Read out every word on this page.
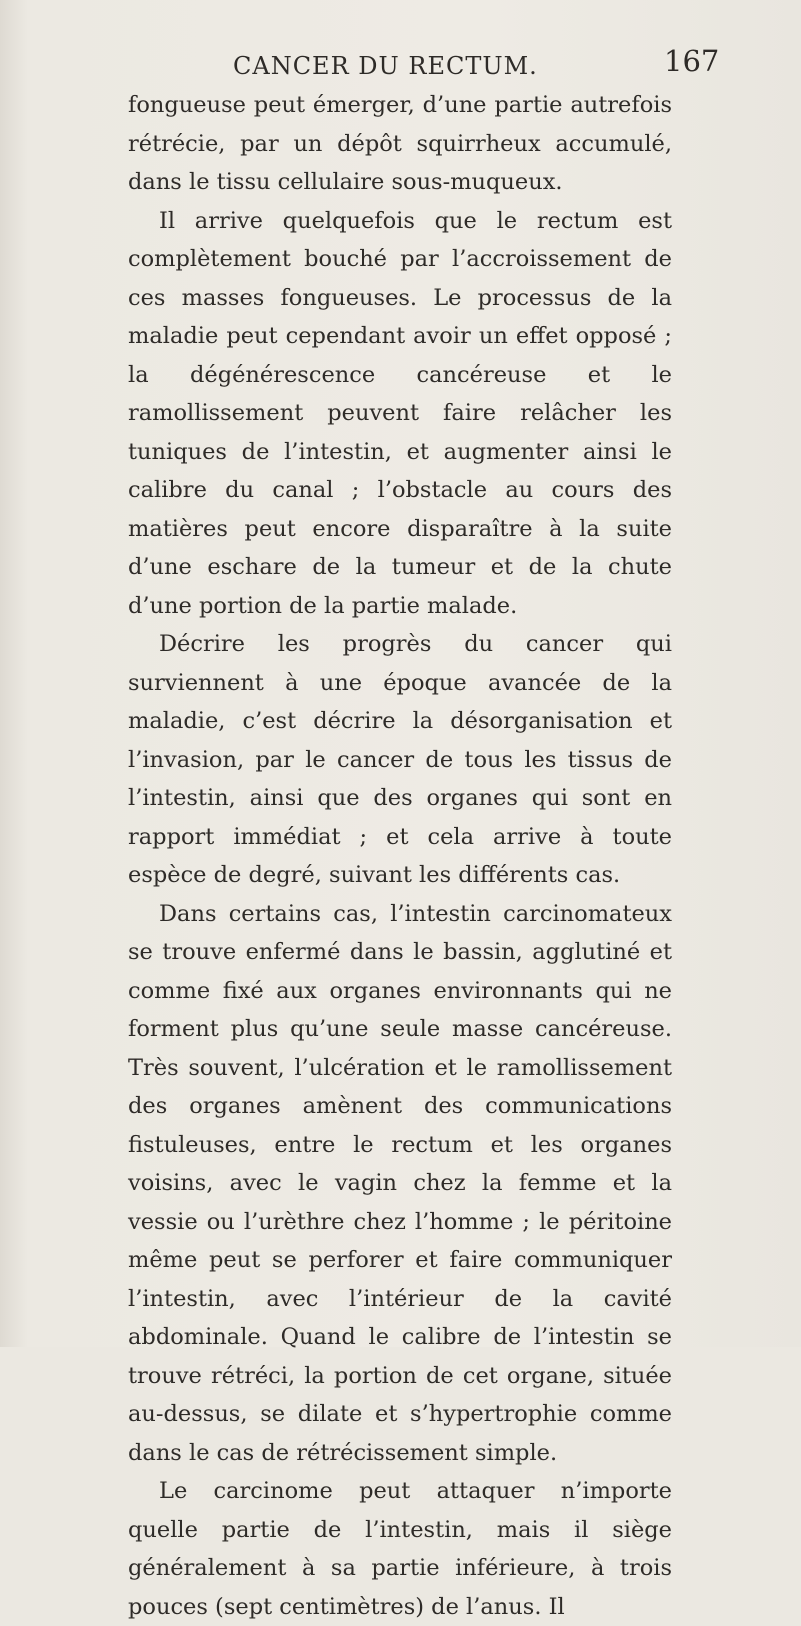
CANCER DU RECTUM.	167

fongueuse peut émerger, d’une partie autrefois rétrécie, par un dépôt squirrheux accumulé, dans le tissu cellulaire sous-muqueux.

Il arrive quelquefois que le rectum est complètement bouché par l’accroissement de ces masses fongueuses. Le processus de la maladie peut cependant avoir un effet opposé ; la dégénérescence cancéreuse et le ramollissement peuvent faire relâcher les tuniques de l’intestin, et augmenter ainsi le calibre du canal ; l’obstacle au cours des matières peut encore disparaître à la suite d’une eschare de la tumeur et de la chute d’une portion de la partie malade.

Décrire les progrès du cancer qui surviennent à une époque avancée de la maladie, c’est décrire la désorganisation et l’invasion, par le cancer de tous les tissus de l’intestin, ainsi que des organes qui sont en rapport immédiat ; et cela arrive à toute espèce de degré, suivant les différents cas.

Dans certains cas, l’intestin carcinomateux se trouve enfermé dans le bassin, agglutiné et comme fixé aux organes environnants qui ne forment plus qu’une seule masse cancéreuse. Très souvent, l’ulcération et le ramollissement des organes amènent des communications fistuleuses, entre le rectum et les organes voisins, avec le vagin chez la femme et la vessie ou l’urèthre chez l’homme ; le péritoine même peut se perforer et faire communiquer l’intestin, avec l’intérieur de la cavité abdominale. Quand le calibre de l’intestin se trouve rétréci, la portion de cet organe, située au-dessus, se dilate et s’hypertrophie comme dans le cas de rétrécissement simple.

Le carcinome peut attaquer n’importe quelle partie de l’intestin, mais il siège généralement à sa partie inférieure, à trois pouces (sept centimètres) de l’anus. Il
